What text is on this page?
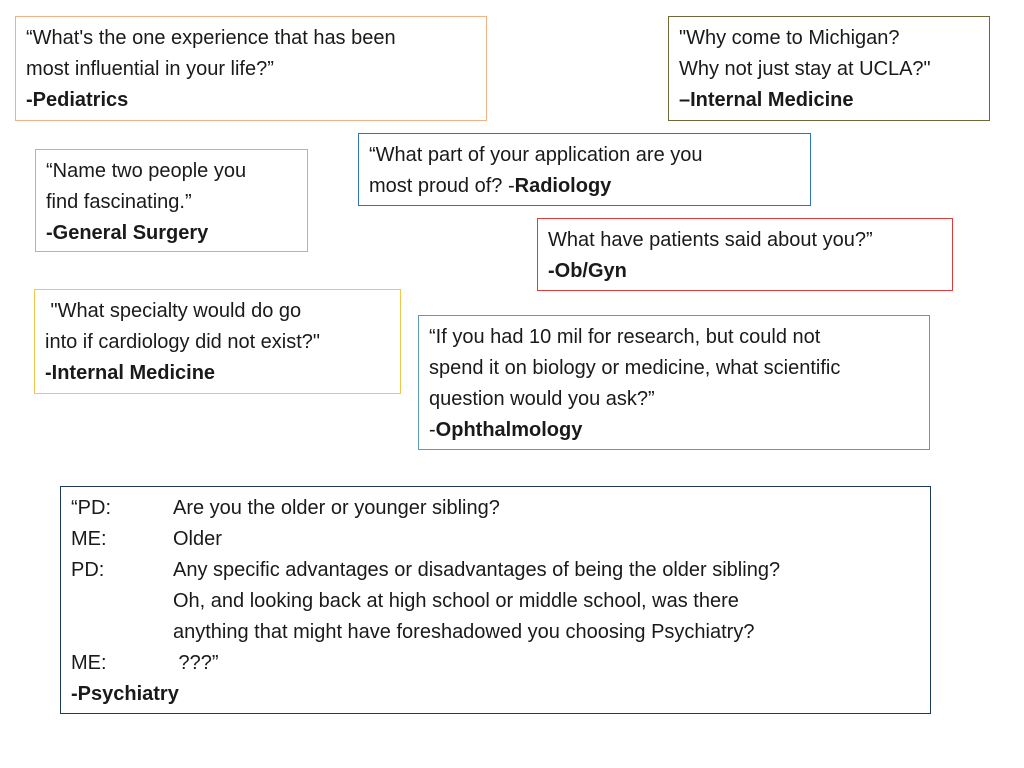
“What's the one experience that has been

most influential in your life?”

-Pediatrics

"Why come to Michigan?

Why not just stay at UCLA?"

–Internal Medicine

“What part of your application are you

most proud of? -Radiology

“Name two people you

find fascinating.”

-General Surgery	What have patients said about you?”

-Ob/Gyn

"What specialty would do go

into if cardiology did not exist?"

-Internal Medicine

“If you had 10 mil for research, but could not

spend it on biology or medicine, what scientific

question would you ask?”

-Ophthalmology

“PD:	Are you the older or younger sibling?
ME:	Older
PD:	Any specific advantages or disadvantages of being the older sibling?

Oh, and looking back at high school or middle school, was there

anything that might have foreshadowed you choosing Psychiatry?

ME:	???”

-Psychiatry
